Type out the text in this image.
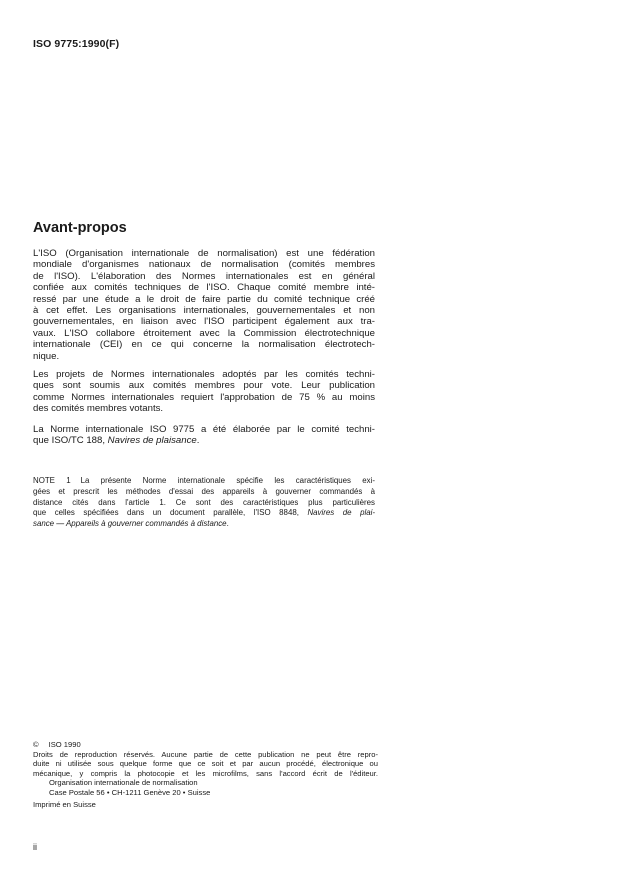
ISO 9775:1990(F)
Avant-propos
L'ISO (Organisation internationale de normalisation) est une fédération
mondiale d'organismes nationaux de normalisation (comités membres
de l'ISO). L'élaboration des Normes internationales est en général
confiée aux comités techniques de l'ISO. Chaque comité membre inté-
ressé par une étude a le droit de faire partie du comité technique créé
à cet effet. Les organisations internationales, gouvernementales et non
gouvernementales, en liaison avec l'ISO participent également aux tra-
vaux. L'ISO collabore étroitement avec la Commission électrotechnique
internationale (CEI) en ce qui concerne la normalisation électrotech-
nique.
Les projets de Normes internationales adoptés par les comités techni-
ques sont soumis aux comités membres pour vote. Leur publication
comme Normes internationales requiert l'approbation de 75 % au moins
des comités membres votants.
La Norme internationale ISO 9775 a été élaborée par le comité techni-
que ISO/TC 188, Navires de plaisance.
NOTE 1 La présente Norme internationale spécifie les caractéristiques exi-
gées et prescrit les méthodes d'essai des appareils à gouverner commandés à
distance cités dans l'article 1. Ce sont des caractéristiques plus particulières
que celles spécifiées dans un document parallèle, l'ISO 8848, Navires de plai-
sance — Appareils à gouverner commandés à distance.
© ISO 1990
Droits de reproduction réservés. Aucune partie de cette publication ne peut être repro-
duite ni utilisée sous quelque forme que ce soit et par aucun procédé, électronique ou
mécanique, y compris la photocopie et les microfilms, sans l'accord écrit de l'éditeur.
Organisation internationale de normalisation
Case Postale 56 • CH-1211 Genève 20 • Suisse
Imprimé en Suisse
ii
